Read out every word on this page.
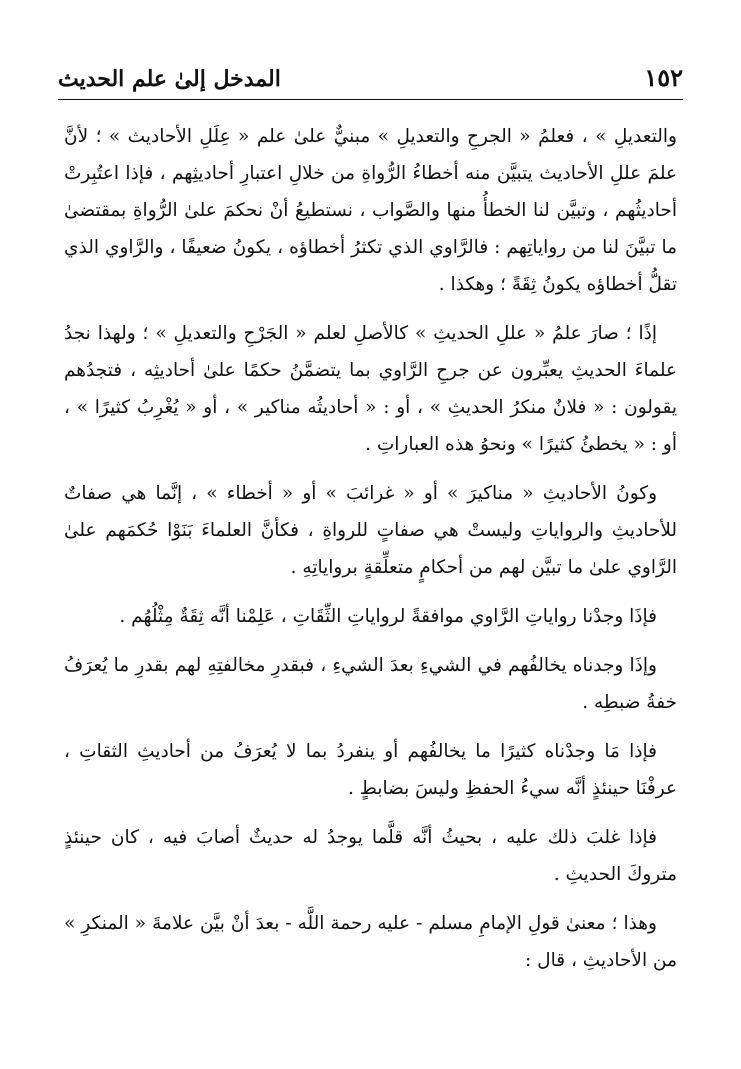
١٥٢
المدخل إلىٰ علم الحديث

والتعديلِ » ، فعلمُ « الجرحِ والتعديلِ » مبنيٌّ علىٰ علم « عِلَلِ الأحاديث » ؛ لأنَّ علمَ عللِ الأحاديث يتبيَّن منه أخطاءُ الرُّواةِ من خلالِ اعتبارِ أحاديثِهم ، فإذا اعتُبِرتْ أحاديثُهم ، وتبيَّن لنا الخطأُ منها والصَّواب ، نستطيعُ أنْ نحكمَ علىٰ الرُّواةِ بمقتضىٰ ما تبيَّنَ لنا من رواياتِهم : فالرَّاوي الذي تكثرُ أخطاؤه ، يكونُ ضعيفًا ، والرَّاوي الذي تقلُّ أخطاؤه يكونُ ثِقَةً ؛ وهكذا .

إذًا ؛ صارَ علمُ « عللِ الحديثِ » كالأصلِ لعلم « الجَرْحِ والتعديلِ » ؛ ولهذا نجدُ علماءَ الحديثِ يعبِّرون عن جرحِ الرَّاوي بما يتضمَّنُ حكمًا علىٰ أحاديثِه ، فتجدُهم يقولون : « فلانٌ منكرُ الحديثِ » ، أو : « أحاديثُه مناكير » ، أو « يُغْرِبُ كثيرًا » ، أو : « يخطئُ كثيرًا » ونحوُ هذه العباراتِ .

وكونُ الأحاديثِ « مناكيرَ » أو « غرائبَ » أو « أخطاء » ، إنَّما هي صفاتٌ للأحاديثِ والرواياتِ وليستْ هي صفاتٍ للرواةِ ، فكأنَّ العلماءَ بَنَوْا حُكمَهم علىٰ الرَّاوي علىٰ ما تبيَّن لهم من أحكامٍ متعلِّقةٍ برواياتِهِ .

فإذَا وجدْنا رواياتِ الرَّاوي موافقةً لرواياتِ الثِّقَاتِ ، عَلِمْنا أنَّه ثِقَةٌ مِثْلُهُم .

وإذَا وجدناه يخالفُهم في الشيءِ بعدَ الشيءِ ، فبقدرِ مخالفتِهِ لهم بقدرِ ما يُعرَفُ خفةُ ضبطِه .

فإذا مَا وجدْناه كثيرًا ما يخالفُهم أو ينفردُ بما لا يُعرَفُ من أحاديثِ الثقاتِ ، عرفْنَا حينئذٍ أنَّه سيءُ الحفظِ وليسَ بضابطٍ .

فإذا غلبَ ذلك عليه ، بحيثُ أنَّه قلَّما يوجدُ له حديثٌ أصابَ فيه ، كان حينئذٍ متروكَ الحديثِ .

وهذا ؛ معنىٰ قولِ الإمامِ مسلم - عليه رحمة اللَّه - بعدَ أنْ بيَّن علامةَ « المنكرِ » من الأحاديثِ ، قال :
